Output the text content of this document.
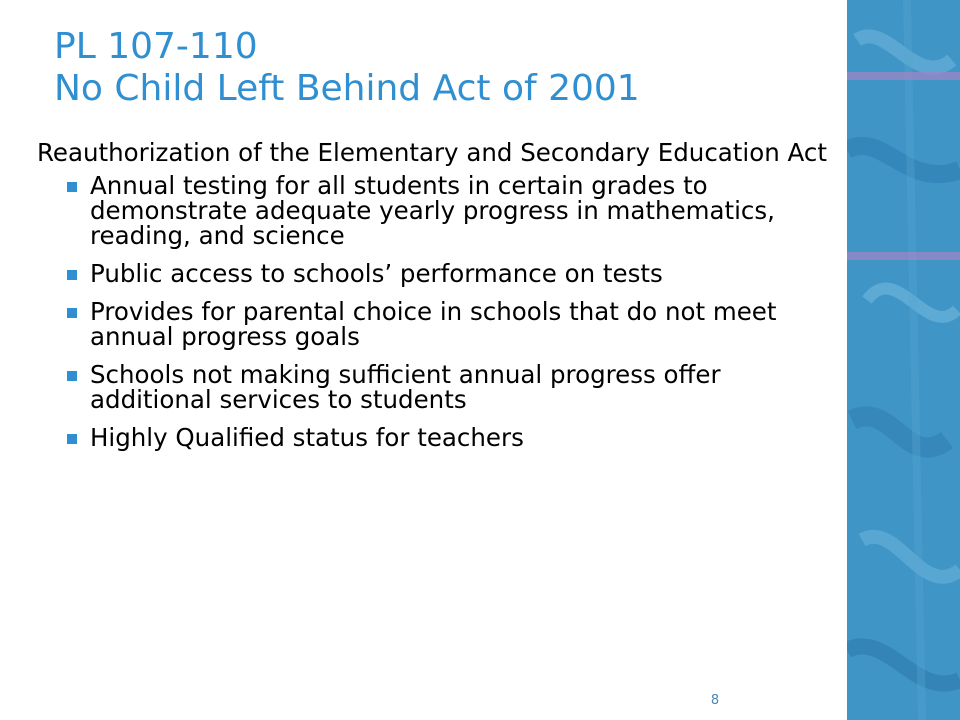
PL 107-110
No Child Left Behind Act of 2001

Reauthorization of the Elementary and Secondary Education Act

Annual testing for all students in certain grades to demonstrate adequate yearly progress in mathematics, reading, and science
Public access to schools’ performance on tests
Provides for parental choice in schools that do not meet annual progress goals
Schools not making sufficient annual progress offer additional services to students
Highly Qualified status for teachers
8
